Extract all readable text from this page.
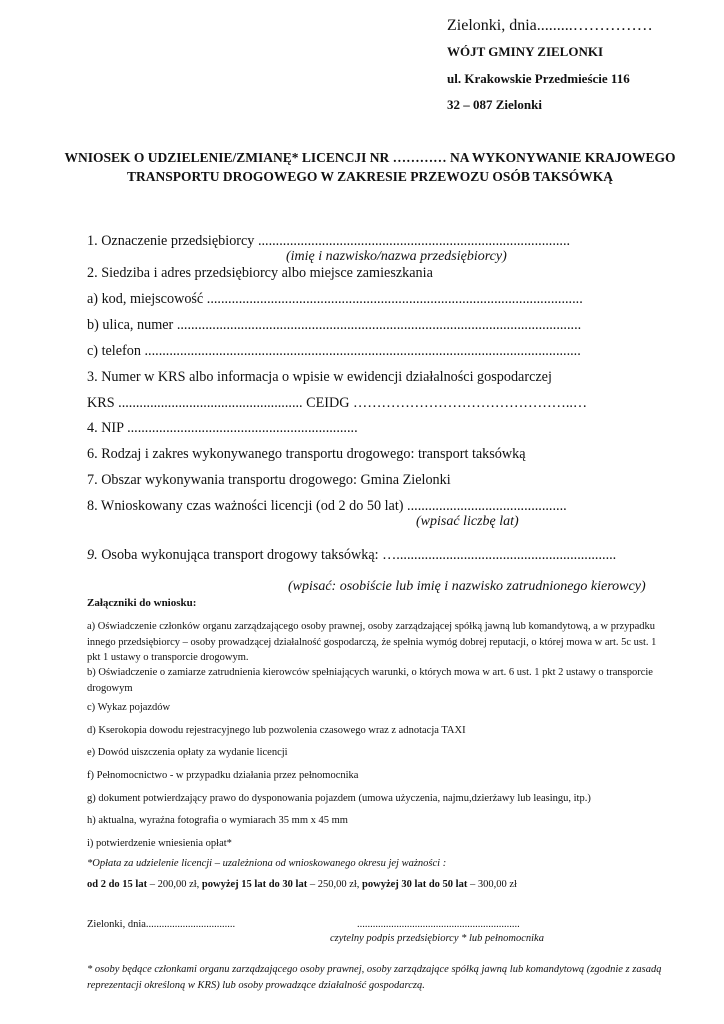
Zielonki, dnia.........……………
WÓJT GMINY ZIELONKI
ul. Krakowskie Przedmieście 116
32 – 087 Zielonki
WNIOSEK O UDZIELENIE/ZMIANĘ* LICENCJI NR ………… NA WYKONYWANIE KRAJOWEGO TRANSPORTU DROGOWEGO W ZAKRESIE PRZEWOZU OSÓB TAKSÓWKĄ
1. Oznaczenie przedsiębiorcy ........................................................................................
(imię i nazwisko/nazwa przedsiębiorcy)
2. Siedziba i adres przedsiębiorcy albo miejsce zamieszkania
a) kod, miejscowość ..........................................................................................................
b) ulica, numer ..................................................................................................................
c) telefon ...........................................................................................................................
3. Numer w KRS albo informacja o wpisie w ewidencji działalności gospodarczej
KRS .................................................... CEIDG ………………………………………..…
4. NIP .................................................................
6. Rodzaj i zakres wykonywanego transportu drogowego: transport taksówką
7. Obszar wykonywania transportu drogowego: Gmina Zielonki
8. Wnioskowany czas ważności licencji (od 2 do 50 lat) .............................................
(wpisać liczbę lat)
9. Osoba wykonująca transport drogowy taksówką: …..............................................................
(wpisać: osobiście lub imię i nazwisko zatrudnionego kierowcy)
Załączniki do wniosku:
a) Oświadczenie członków organu zarządzającego osoby prawnej, osoby zarządzającej spółką jawną lub komandytową, a w przypadku innego przedsiębiorcy – osoby prowadzącej działalność gospodarczą, że spełnia wymóg dobrej reputacji, o której mowa w art. 5c ust. 1 pkt 1 ustawy o transporcie drogowym.
b) Oświadczenie o zamiarze zatrudnienia kierowców spełniających warunki, o których mowa w art. 6 ust. 1 pkt 2 ustawy o transporcie drogowym
c) Wykaz pojazdów
d) Kserokopia dowodu rejestracyjnego lub pozwolenia czasowego wraz z adnotacja TAXI
e) Dowód uiszczenia opłaty za wydanie licencji
f) Pełnomocnictwo - w przypadku działania przez pełnomocnika
g) dokument potwierdzający prawo do dysponowania pojazdem (umowa użyczenia, najmu,dzierżawy lub leasingu, itp.)
h) aktualna, wyraźna fotografia o wymiarach 35 mm x 45 mm
i) potwierdzenie wniesienia opłat*
*Opłata za udzielenie licencji – uzależniona od wnioskowanego okresu jej ważności :
od 2 do 15 lat – 200,00 zł, powyżej 15 lat do 30 lat – 250,00 zł, powyżej 30 lat do 50 lat – 300,00 zł
Zielonki, dnia..................................	..............................................................
czytelny podpis przedsiębiorcy * lub pełnomocnika
* osoby będące członkami organu zarządzającego osoby prawnej, osoby zarządzające spółką jawną lub komandytową (zgodnie z zasadą reprezentacji określoną w KRS) lub osoby prowadzące działalność gospodarczą.
